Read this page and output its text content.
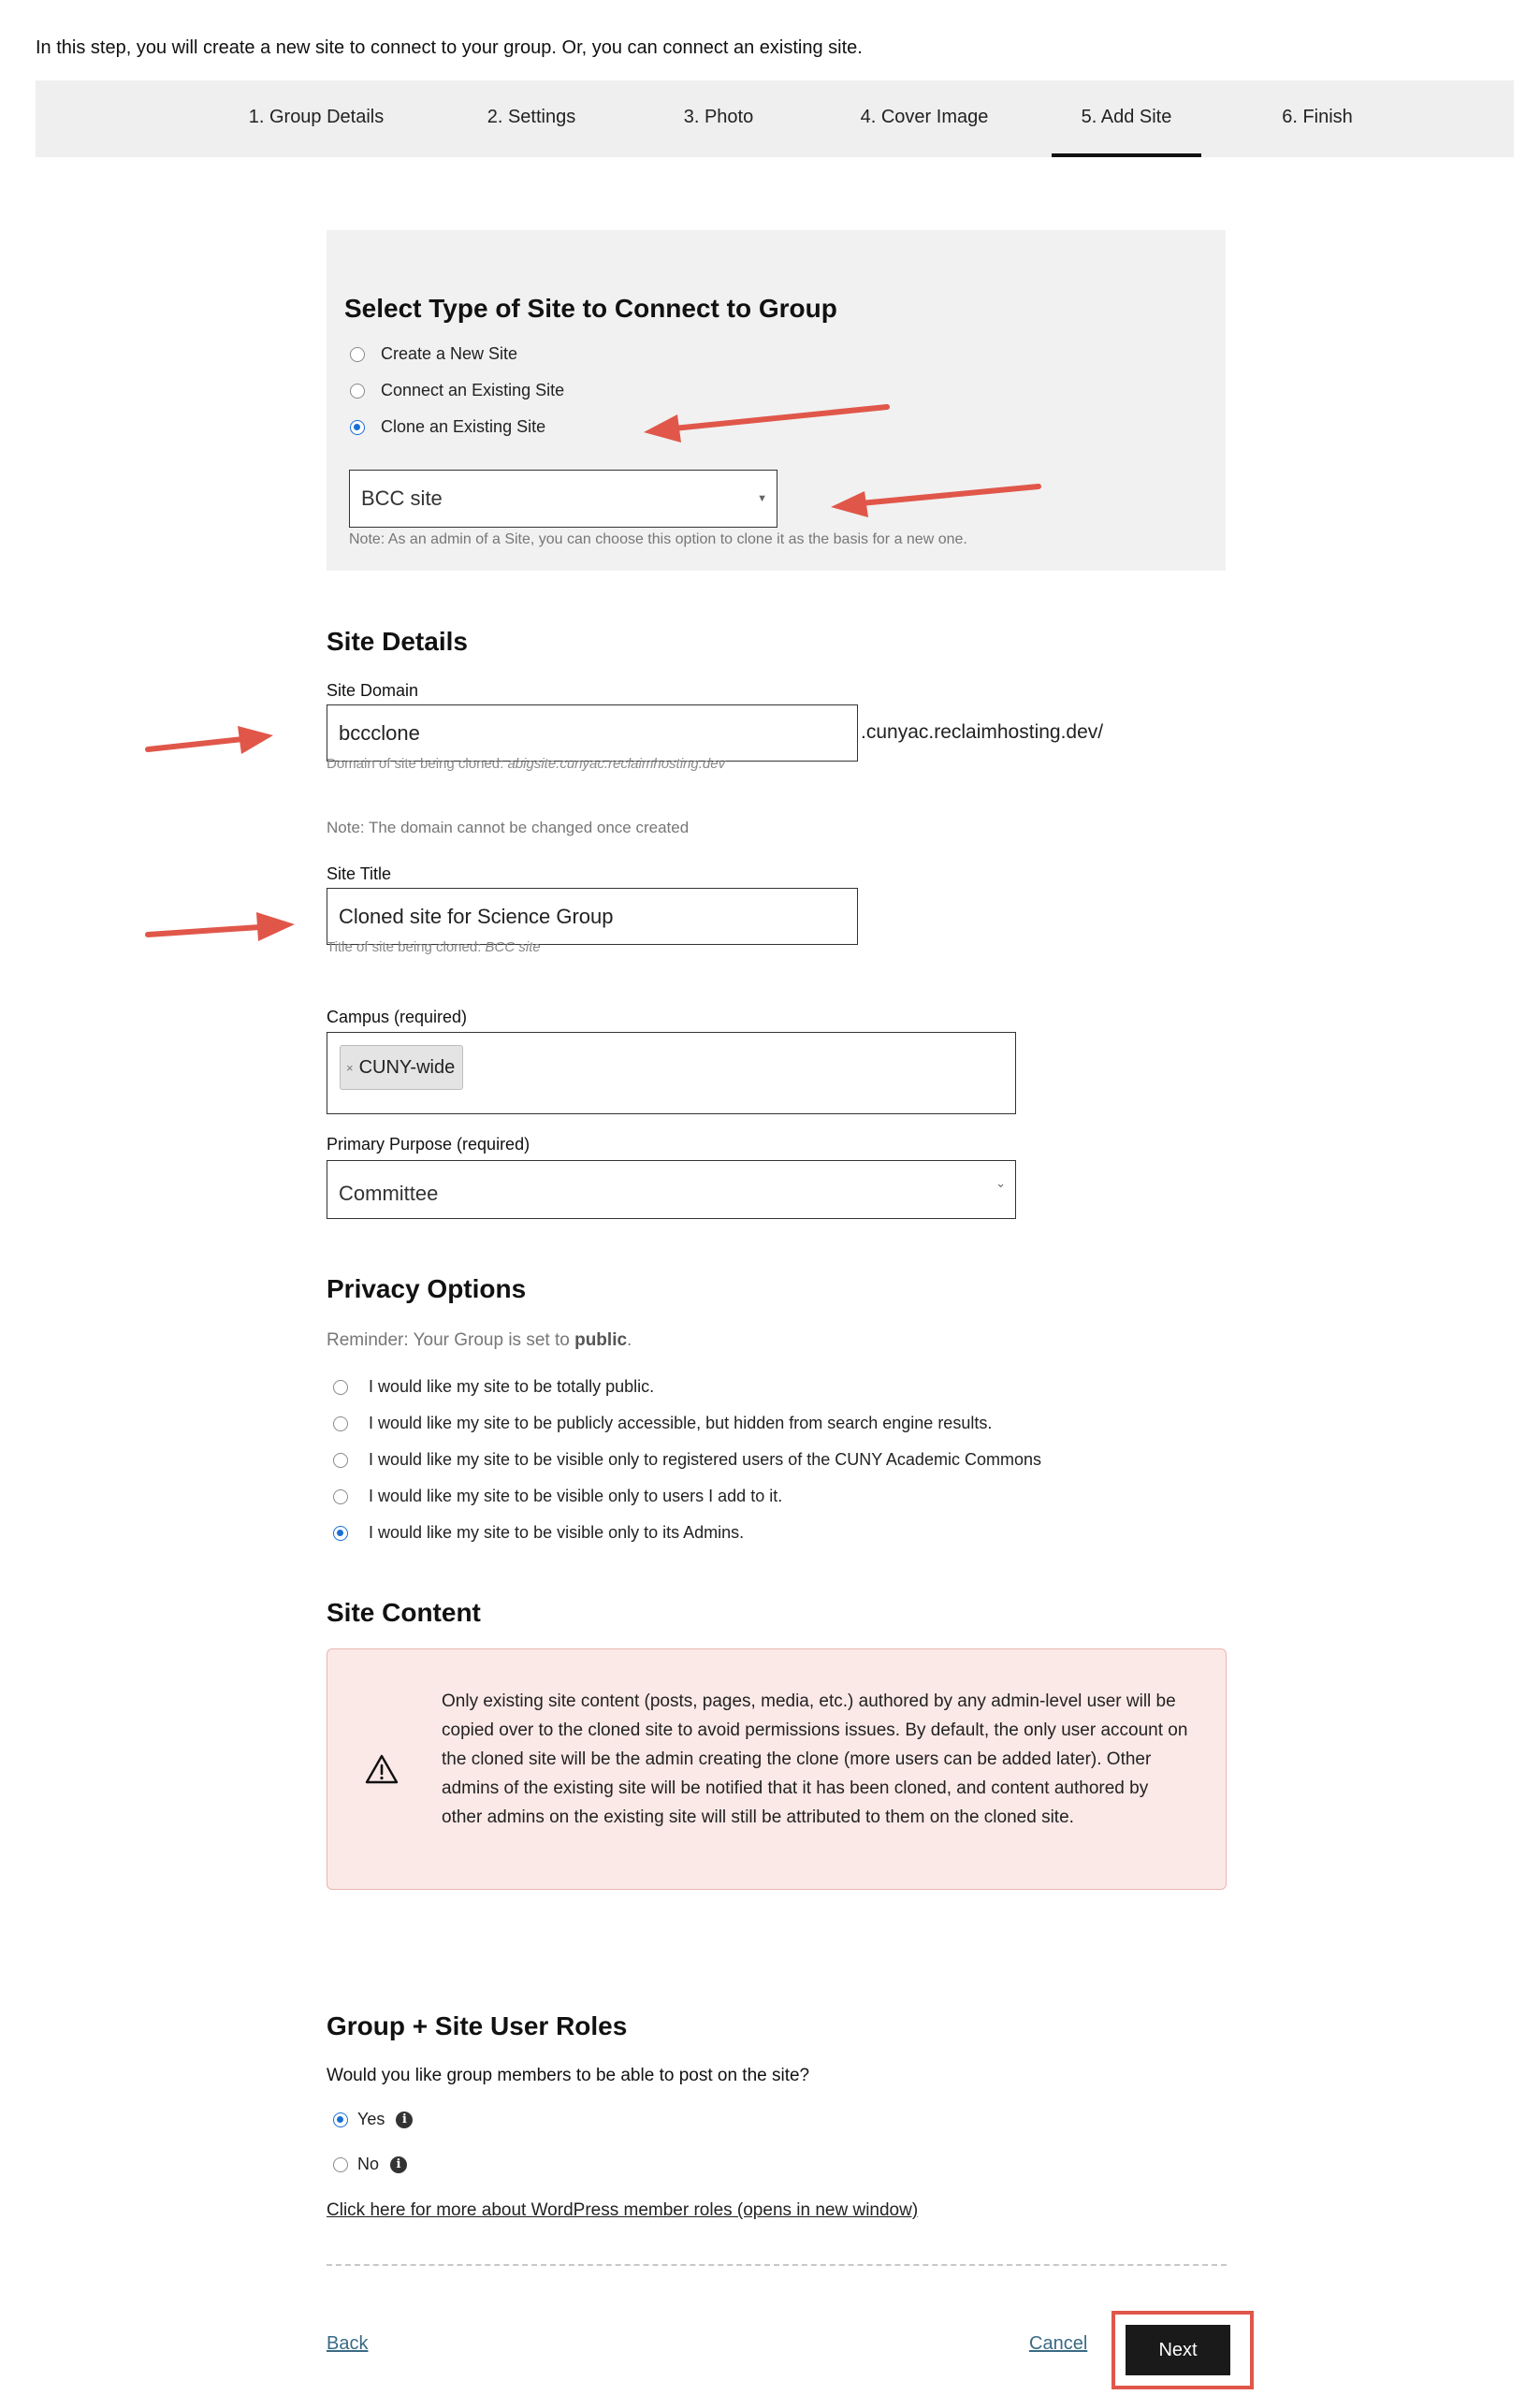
In this step, you will create a new site to connect to your group. Or, you can connect an existing site.
1. Group Details	2. Settings	3. Photo	4. Cover Image	5. Add Site	6. Finish
Select Type of Site to Connect to Group
Create a New Site
Connect an Existing Site
Clone an Existing Site
BCC site	▼
Note: As an admin of a Site, you can choose this option to clone it as the basis for a new one.
Site Details
Site Domain
bccclone	.cunyac.reclaimhosting.dev/
Domain of site being cloned: abigsite.cunyac.reclaimhosting.dev
Note: The domain cannot be changed once created
Site Title
Cloned site for Science Group
Title of site being cloned: BCC site
Campus (required)
× CUNY-wide
Primary Purpose (required)
Committee	⌄
Privacy Options
Reminder: Your Group is set to public.
I would like my site to be totally public.
I would like my site to be publicly accessible, but hidden from search engine results.
I would like my site to be visible only to registered users of the CUNY Academic Commons
I would like my site to be visible only to users I add to it.
I would like my site to be visible only to its Admins.
Site Content
Only existing site content (posts, pages, media, etc.) authored by any admin-level user will be copied over to the cloned site to avoid permissions issues. By default, the only user account on the cloned site will be the admin creating the clone (more users can be added later). Other admins of the existing site will be notified that it has been cloned, and content authored by other admins on the existing site will still be attributed to them on the cloned site.
Group + Site User Roles
Would you like group members to be able to post on the site?
Yes	i
No	i
Click here for more about WordPress member roles (opens in new window)
Back	Cancel	Next
